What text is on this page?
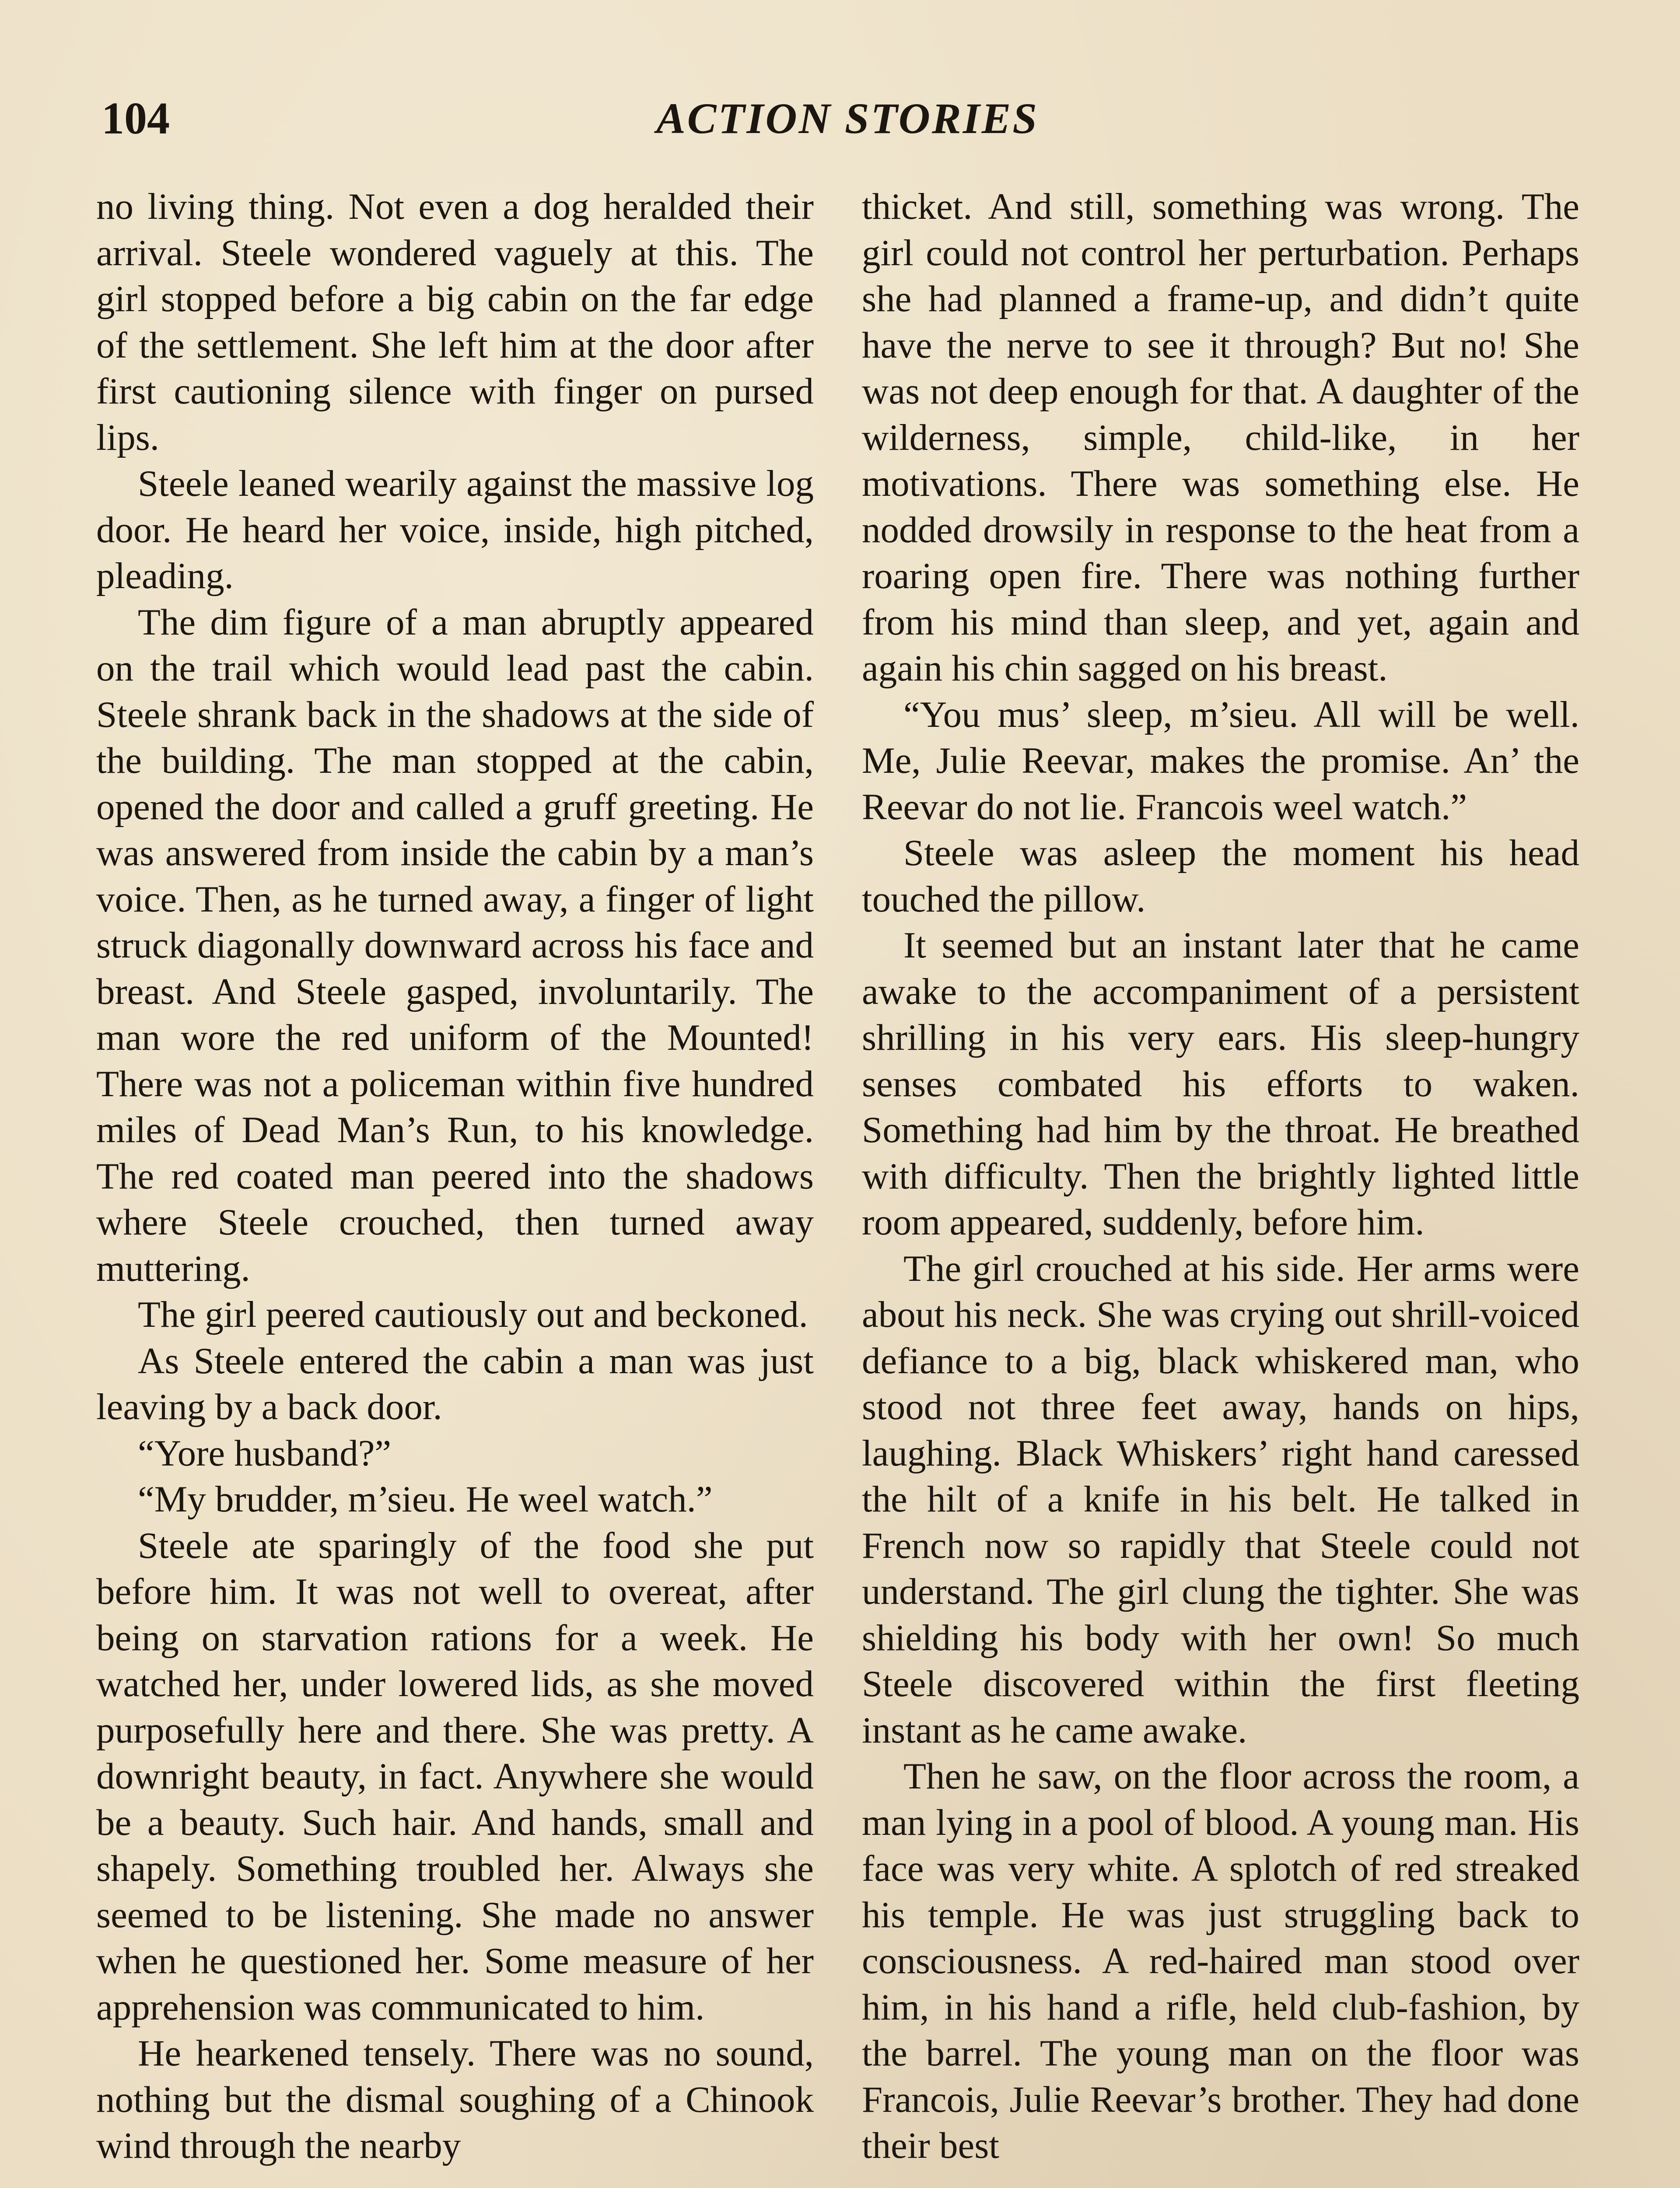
104	ACTION STORIES

no living thing. Not even a dog heralded their arrival. Steele wondered vaguely at this. The girl stopped before a big cabin on the far edge of the settlement. She left him at the door after first cautioning silence with finger on pursed lips.

Steele leaned wearily against the massive log door. He heard her voice, inside, high pitched, pleading.

The dim figure of a man abruptly appeared on the trail which would lead past the cabin. Steele shrank back in the shadows at the side of the building. The man stopped at the cabin, opened the door and called a gruff greeting. He was answered from inside the cabin by a man’s voice. Then, as he turned away, a finger of light struck diagonally downward across his face and breast. And Steele gasped, involuntarily. The man wore the red uniform of the Mounted! There was not a policeman within five hundred miles of Dead Man’s Run, to his knowledge. The red coated man peered into the shadows where Steele crouched, then turned away muttering.

The girl peered cautiously out and beckoned.

As Steele entered the cabin a man was just leaving by a back door.

“Yore husband?”

“My brudder, m’sieu. He weel watch.”

Steele ate sparingly of the food she put before him. It was not well to overeat, after being on starvation rations for a week. He watched her, under lowered lids, as she moved purposefully here and there. She was pretty. A downright beauty, in fact. Anywhere she would be a beauty. Such hair. And hands, small and shapely. Something troubled her. Always she seemed to be listening. She made no answer when he questioned her. Some measure of her apprehension was communicated to him.

He hearkened tensely. There was no sound, nothing but the dismal soughing of a Chinook wind through the nearby

thicket. And still, something was wrong. The girl could not control her perturbation. Perhaps she had planned a frame-up, and didn’t quite have the nerve to see it through? But no! She was not deep enough for that. A daughter of the wilderness, simple, child-like, in her motivations. There was something else. He nodded drowsily in response to the heat from a roaring open fire. There was nothing further from his mind than sleep, and yet, again and again his chin sagged on his breast.

“You mus’ sleep, m’sieu. All will be well. Me, Julie Reevar, makes the promise. An’ the Reevar do not lie. Francois weel watch.”

Steele was asleep the moment his head touched the pillow.

It seemed but an instant later that he came awake to the accompaniment of a persistent shrilling in his very ears. His sleep-hungry senses combated his efforts to waken. Something had him by the throat. He breathed with difficulty. Then the brightly lighted little room appeared, suddenly, before him.

The girl crouched at his side. Her arms were about his neck. She was crying out shrill-voiced defiance to a big, black whiskered man, who stood not three feet away, hands on hips, laughing. Black Whiskers’ right hand caressed the hilt of a knife in his belt. He talked in French now so rapidly that Steele could not understand. The girl clung the tighter. She was shielding his body with her own! So much Steele discovered within the first fleeting instant as he came awake.

Then he saw, on the floor across the room, a man lying in a pool of blood. A young man. His face was very white. A splotch of red streaked his temple. He was just struggling back to consciousness. A red-haired man stood over him, in his hand a rifle, held club-fashion, by the barrel. The young man on the floor was Francois, Julie Reevar’s brother. They had done their best
